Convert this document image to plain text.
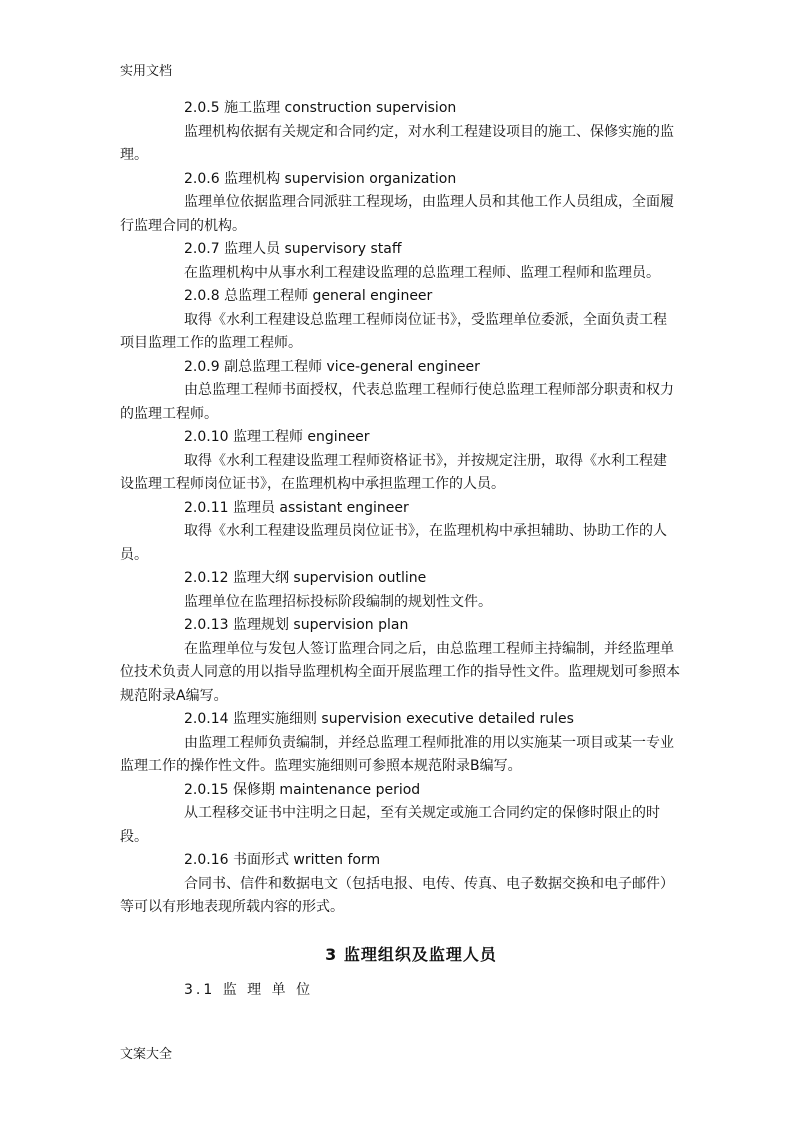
实用文档
2.0.5 施工监理 construction supervision
监理机构依据有关规定和合同约定，对水利工程建设项目的施工、保修实施的监理。
2.0.6 监理机构 supervision organization
监理单位依据监理合同派驻工程现场，由监理人员和其他工作人员组成，全面履行监理合同的机构。
2.0.7 监理人员 supervisory staff
在监理机构中从事水利工程建设监理的总监理工程师、监理工程师和监理员。
2.0.8 总监理工程师 general engineer
取得《水利工程建设总监理工程师岗位证书》，受监理单位委派，全面负责工程项目监理工作的监理工程师。
2.0.9 副总监理工程师 vice-general engineer
由总监理工程师书面授权，代表总监理工程师行使总监理工程师部分职责和权力的监理工程师。
2.0.10 监理工程师 engineer
取得《水利工程建设监理工程师资格证书》，并按规定注册，取得《水利工程建设监理工程师岗位证书》，在监理机构中承担监理工作的人员。
2.0.11 监理员 assistant engineer
取得《水利工程建设监理员岗位证书》，在监理机构中承担辅助、协助工作的人员。
2.0.12 监理大纲 supervision outline
监理单位在监理招标投标阶段编制的规划性文件。
2.0.13 监理规划 supervision plan
在监理单位与发包人签订监理合同之后，由总监理工程师主持编制，并经监理单位技术负责人同意的用以指导监理机构全面开展监理工作的指导性文件。监理规划可参照本规范附录A编写。
2.0.14 监理实施细则 supervision executive detailed rules
由监理工程师负责编制，并经总监理工程师批准的用以实施某一项目或某一专业监理工作的操作性文件。监理实施细则可参照本规范附录B编写。
2.0.15 保修期 maintenance period
从工程移交证书中注明之日起，至有关规定或施工合同约定的保修时限止的时段。
2.0.16 书面形式 written form
合同书、信件和数据电文（包括电报、电传、传真、电子数据交换和电子邮件）等可以有形地表现所载内容的形式。
3 监理组织及监理人员
3.1 监 理 单 位
文案大全
